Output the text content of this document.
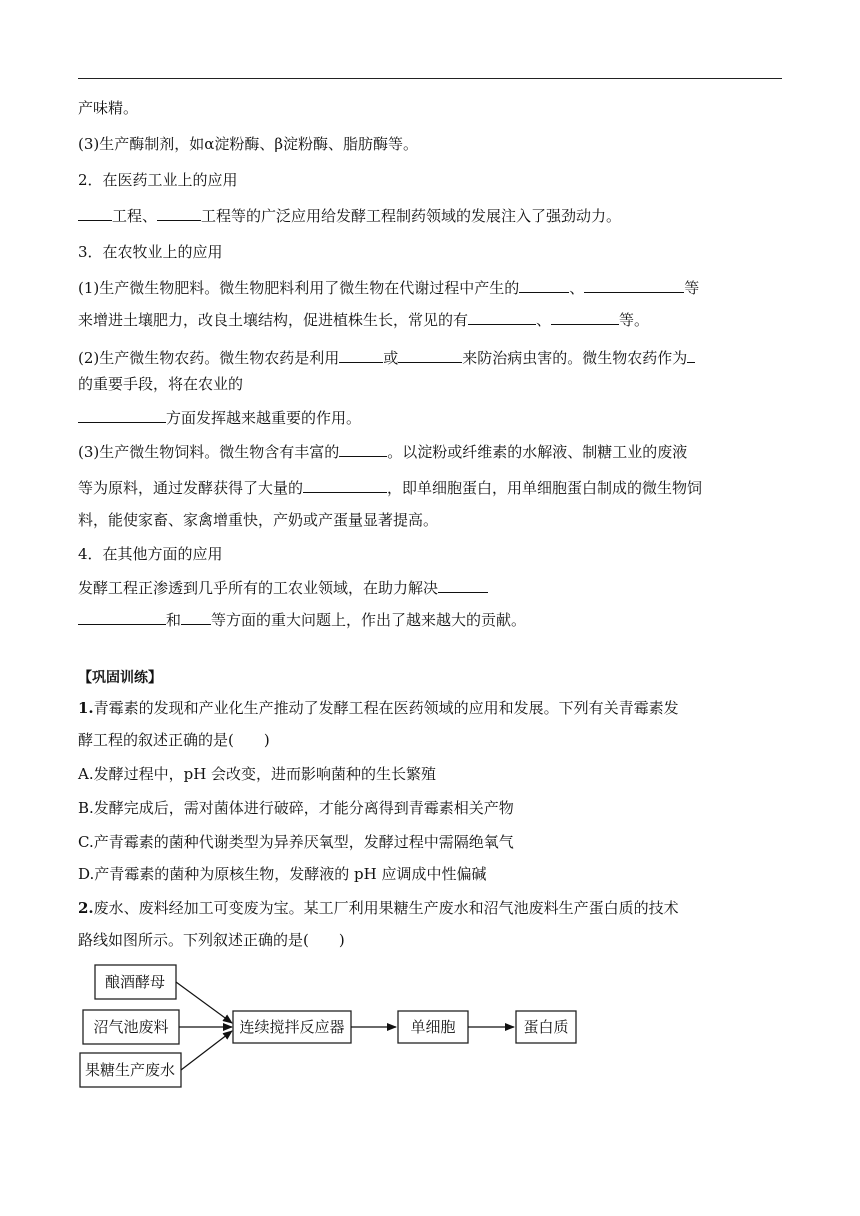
产味精。
(3)生产酶制剂，如α淀粉酶、β淀粉酶、脂肪酶等。
2．在医药工业上的应用
工程、	工程等的广泛应用给发酵工程制药领域的发展注入了强劲动力。
3．在农牧业上的应用
(1)生产微生物肥料。微生物肥料利用了微生物在代谢过程中产生的	、	等
来增进土壤肥力，改良土壤结构，促进植株生长，常见的有	、	等。
(2)生产微生物农药。微生物农药是利用	或	来防治病虫害的。微生物农药作为
的重要手段，将在农业的
方面发挥越来越重要的作用。
(3)生产微生物饲料。微生物含有丰富的	。以淀粉或纤维素的水解液、制糖工业的废液
等为原料，通过发酵获得了大量的	，即单细胞蛋白，用单细胞蛋白制成的微生物饲
料，能使家畜、家禽增重快，产奶或产蛋量显著提高。
4．在其他方面的应用
发酵工程正渗透到几乎所有的工农业领域，在助力解决
和 等方面的重大问题上，作出了越来越大的贡献。
【巩固训练】
1.青霉素的发现和产业化生产推动了发酵工程在医药领域的应用和发展。下列有关青霉素发
酵工程的叙述正确的是( )
A.发酵过程中，pH 会改变，进而影响菌种的生长繁殖
B.发酵完成后，需对菌体进行破碎，才能分离得到青霉素相关产物
C.产青霉素的菌种代谢类型为异养厌氧型，发酵过程中需隔绝氧气
D.产青霉素的菌种为原核生物，发酵液的 pH 应调成中性偏碱
2.废水、废料经加工可变废为宝。某工厂利用果糖生产废水和沼气池废料生产蛋白质的技术
路线如图所示。下列叙述正确的是( )
酿酒酵母
沼气池废料
果糖生产废水
连续搅拌反应器	单细胞	蛋白质
